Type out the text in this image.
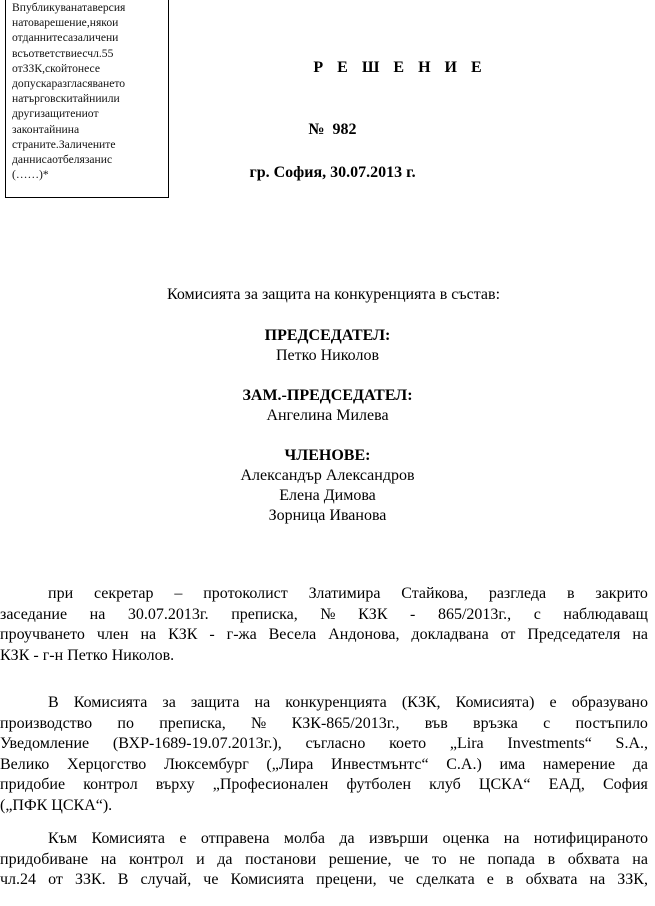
Впубликуванатаверсия
натоварешение,някои
отданнитесазаличени
всъответствиесчл.55
отЗЗК,скойтонесе
допускаразгласяването
натърговскитайниили
другизащитениот
законтайнина
страните.Заличените
даннисаотбелязанис
(……)*
Р Е Ш Е Н И Е
№ 982
гр. София, 30.07.2013 г.
Комисията за защита на конкуренцията в състав:
ПРЕДСЕДАТЕЛ:
Петко Николов
ЗАМ.-ПРЕДСЕДАТЕЛ:
Ангелина Милева
ЧЛЕНОВЕ:
Александър Александров
Елена Димова
Зорница Иванова
при секретар – протоколист Златимира Стайкова, разгледа в закрито
заседание на 30.07.2013г. преписка, № КЗК - 865/2013г., с наблюдаващ
проучването член на КЗК - г-жа Весела Андонова, докладвана от Председателя на
КЗК - г-н Петко Николов.
В Комисията за защита на конкуренцията (КЗК, Комисията) е образувано
производство по преписка, № КЗК-865/2013г., във връзка с постъпило
Уведомление (ВХР-1689-19.07.2013г.), съгласно което „Lira Investments“ S.A.,
Велико Херцогство Люксембург („Лира Инвестмънтс“ С.А.) има намерение да
придобие контрол върху „Професионален футболен клуб ЦСКА“ ЕАД, София
(„ПФК ЦСКА“).
Към Комисията е отправена молба да извърши оценка на нотифицираното
придобиване на контрол и да постанови решение, че то не попада в обхвата на
чл.24 от ЗЗК. В случай, че Комисията прецени, че сделката е в обхвата на ЗЗК,
